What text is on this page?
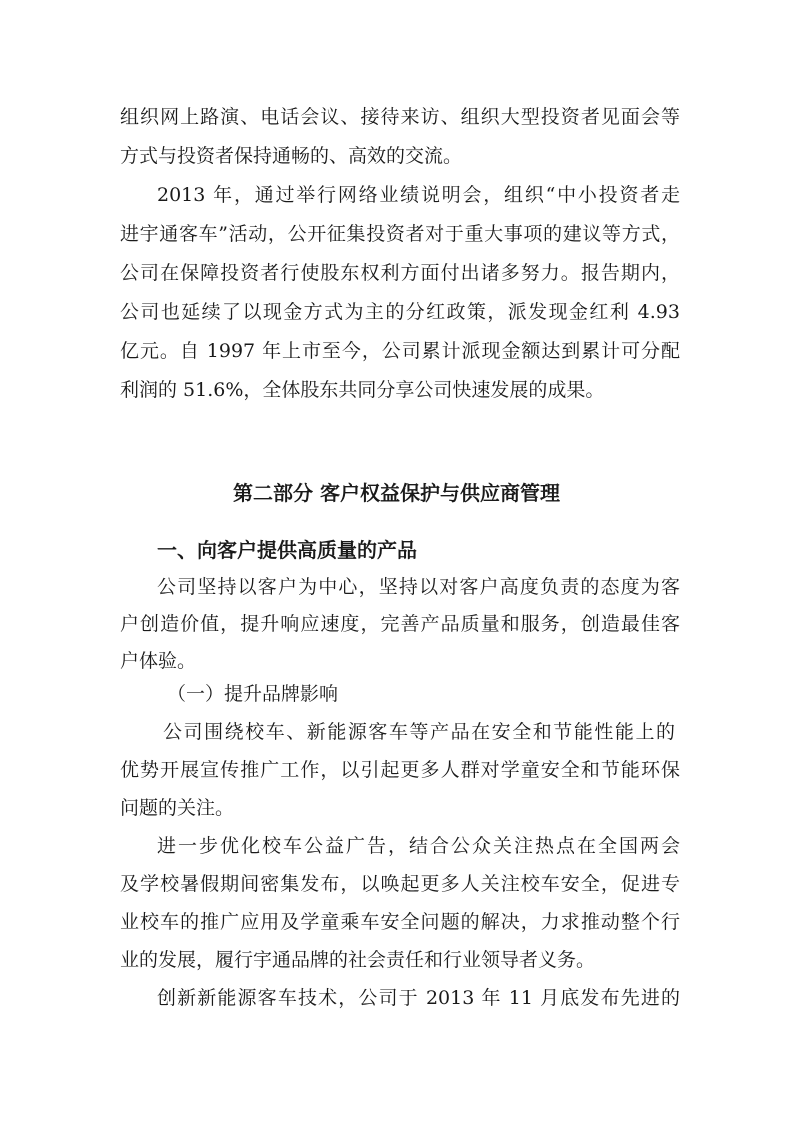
组织网上路演、电话会议、接待来访、组织大型投资者见面会等
方式与投资者保持通畅的、高效的交流。
2013 年，通过举行网络业绩说明会，组织“中小投资者走
进宇通客车”活动，公开征集投资者对于重大事项的建议等方式，
公司在保障投资者行使股东权利方面付出诸多努力。报告期内，
公司也延续了以现金方式为主的分红政策，派发现金红利 4.93
亿元。自 1997 年上市至今，公司累计派现金额达到累计可分配
利润的 51.6%，全体股东共同分享公司快速发展的成果。
第二部分 客户权益保护与供应商管理
一、向客户提供高质量的产品
公司坚持以客户为中心，坚持以对客户高度负责的态度为客
户创造价值，提升响应速度，完善产品质量和服务，创造最佳客
户体验。
（一）提升品牌影响
公司围绕校车、新能源客车等产品在安全和节能性能上的
优势开展宣传推广工作，以引起更多人群对学童安全和节能环保
问题的关注。
进一步优化校车公益广告，结合公众关注热点在全国两会
及学校暑假期间密集发布，以唤起更多人关注校车安全，促进专
业校车的推广应用及学童乘车安全问题的解决，力求推动整个行
业的发展，履行宇通品牌的社会责任和行业领导者义务。
创新新能源客车技术，公司于 2013 年 11 月底发布先进的
